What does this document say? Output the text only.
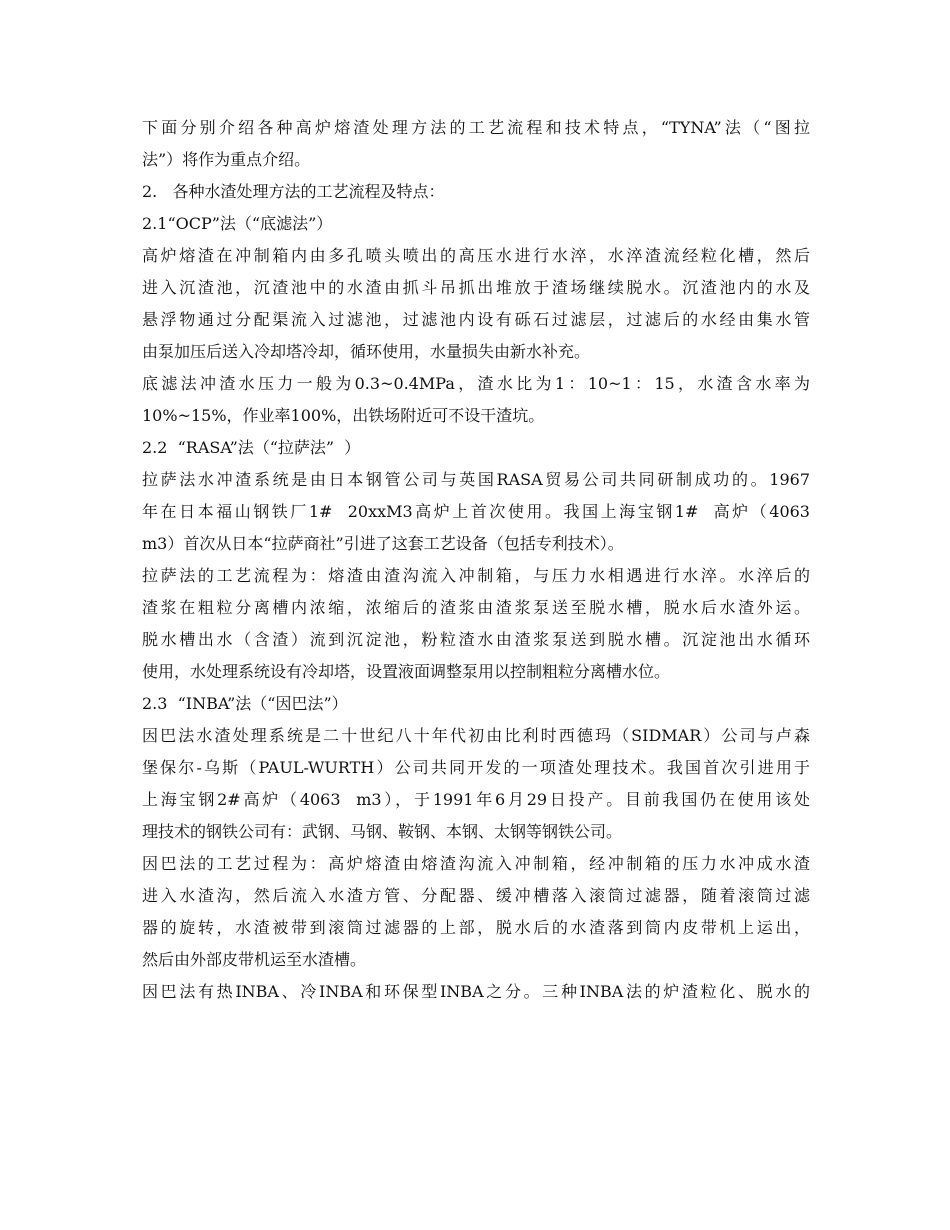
下面分别介绍各种高炉熔渣处理方法的工艺流程和技术特点，“TYNA”法（“图拉
法”）将作为重点介绍。
2.   各种水渣处理方法的工艺流程及特点：
2.1“OCP”法（“底滤法”）
高炉熔渣在冲制箱内由多孔喷头喷出的高压水进行水淬，水淬渣流经粒化槽，然后
进入沉渣池，沉渣池中的水渣由抓斗吊抓出堆放于渣场继续脱水。沉渣池内的水及
悬浮物通过分配渠流入过滤池，过滤池内设有砾石过滤层，过滤后的水经由集水管
由泵加压后送入冷却塔冷却，循环使用，水量损失由新水补充。
底滤法冲渣水压力一般为0.3~0.4MPa，渣水比为1：10~1：15，水渣含水率为
10%~15%，作业率100%，出铁场附近可不设干渣坑。
2.2  “RASA”法（“拉萨法”  ）
拉萨法水冲渣系统是由日本钢管公司与英国RASA贸易公司共同研制成功的。1967
年在日本福山钢铁厂1#  20xxM3高炉上首次使用。我国上海宝钢1#  高炉（4063
m3）首次从日本“拉萨商社”引进了这套工艺设备（包括专利技术）。
拉萨法的工艺流程为：熔渣由渣沟流入冲制箱，与压力水相遇进行水淬。水淬后的
渣浆在粗粒分离槽内浓缩，浓缩后的渣浆由渣浆泵送至脱水槽，脱水后水渣外运。
脱水槽出水（含渣）流到沉淀池，粉粒渣水由渣浆泵送到脱水槽。沉淀池出水循环
使用，水处理系统设有冷却塔，设置液面调整泵用以控制粗粒分离槽水位。
2.3  “INBA”法（“因巴法”）
因巴法水渣处理系统是二十世纪八十年代初由比利时西德玛（SIDMAR）公司与卢森
堡保尔-乌斯（PAUL-WURTH）公司共同开发的一项渣处理技术。我国首次引进用于
上海宝钢2#高炉（4063  m3），于1991年6月29日投产。目前我国仍在使用该处
理技术的钢铁公司有：武钢、马钢、鞍钢、本钢、太钢等钢铁公司。
因巴法的工艺过程为：高炉熔渣由熔渣沟流入冲制箱，经冲制箱的压力水冲成水渣
进入水渣沟，然后流入水渣方管、分配器、缓冲槽落入滚筒过滤器，随着滚筒过滤
器的旋转，水渣被带到滚筒过滤器的上部，脱水后的水渣落到筒内皮带机上运出，
然后由外部皮带机运至水渣槽。
因巴法有热INBA、冷INBA和环保型INBA之分。三种INBA法的炉渣粒化、脱水的
